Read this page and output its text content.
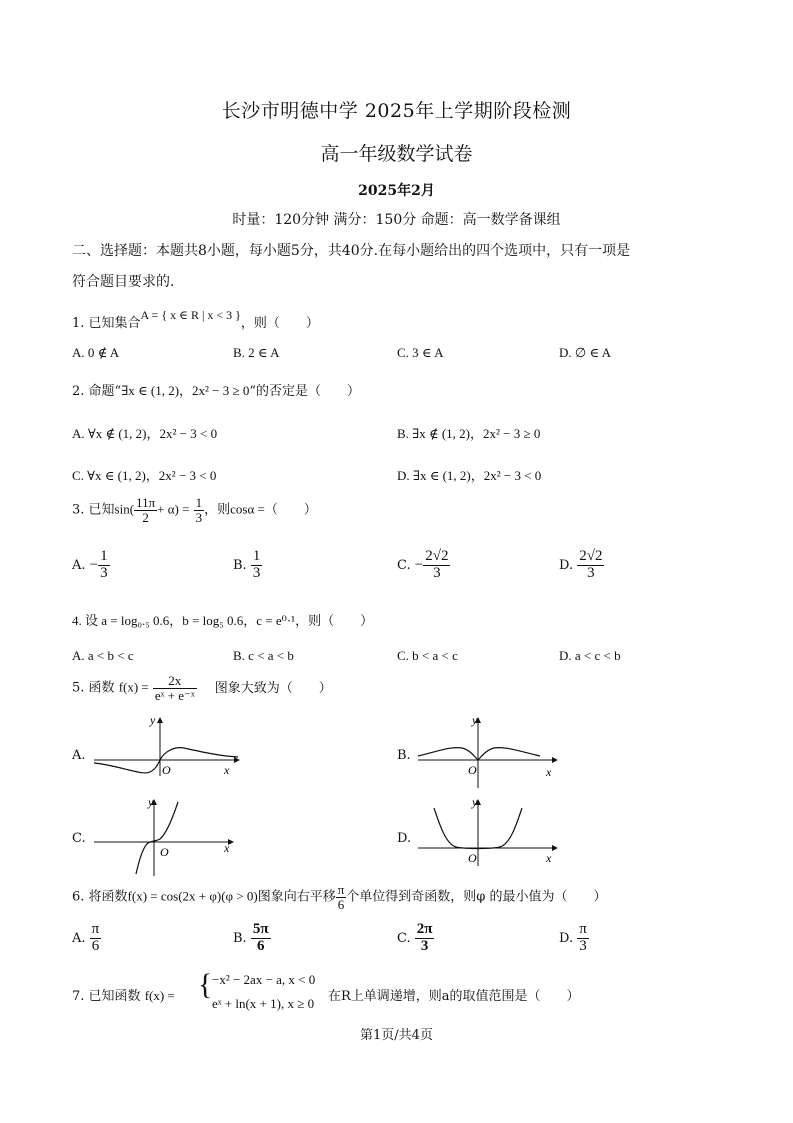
长沙市明德中学 2025年上学期阶段检测
高一年级数学试卷
2025年2月
时量：120分钟 满分：150分 命题：高一数学备课组
二、选择题：本题共8小题，每小题5分，共40分.在每小题给出的四个选项中，只有一项是
符合题目要求的.
1. 已知集合A = { x ∈ R | x < 3 }，则（　　）
A. 0 ∉ A	B. 2 ∈ A	C. 3 ∈ A	D. ∅ ∈ A
2. 命题“∃x ∈ (1, 2)，2x² − 3 ≥ 0”的否定是（　　）
A. ∀x ∉ (1, 2)，2x² − 3 < 0	B. ∃x ∉ (1, 2)，2x² − 3 ≥ 0
C. ∀x ∈ (1, 2)，2x² − 3 < 0	D. ∃x ∈ (1, 2)，2x² − 3 < 0
3. 已知$\sin( \frac{11\pi}{2} + \alpha) = \frac{1}{3}$ ，则cosα =（　　）
A. − $\frac{1}{3}$	B. $\frac{1}{3}$	C. − $\frac{2√2}{3}$	D. $\frac{2√2}{3}$
4. 设 a = log₀.₅ 0.6，b = log₅ 0.6，c = e⁰·¹，则（　　）
A. a < b < c	B. c < a < b	C. b < a < c	D. a < c < b
5. 函数 $f(x) = \frac{2x}{\text{eˣ + e⁻ˣ}}$ 图象大致为（　　）
A.
y
O	x
B.
y
O	x
C.
y
O	x
D.
y
O	x
6. 将函数f(x) = cos(2x + φ)(φ > 0)图象向右平移 $\frac{\pi}{6}$ 个单位得到奇函数，则φ 的最小值为（　　）
A. $\frac{\pi}{6}$	B. $\frac{5\pi}{6}$	C. $\frac{2\pi}{3}$	D. $\frac{\pi}{3}$
7. 已知函数 f(x) = { −x² − 2ax − a, x < 0
eˣ + ln(x + 1), x ≥ 0 在R上单调递增，则a的取值范围是（　　）
第1页/共4页
